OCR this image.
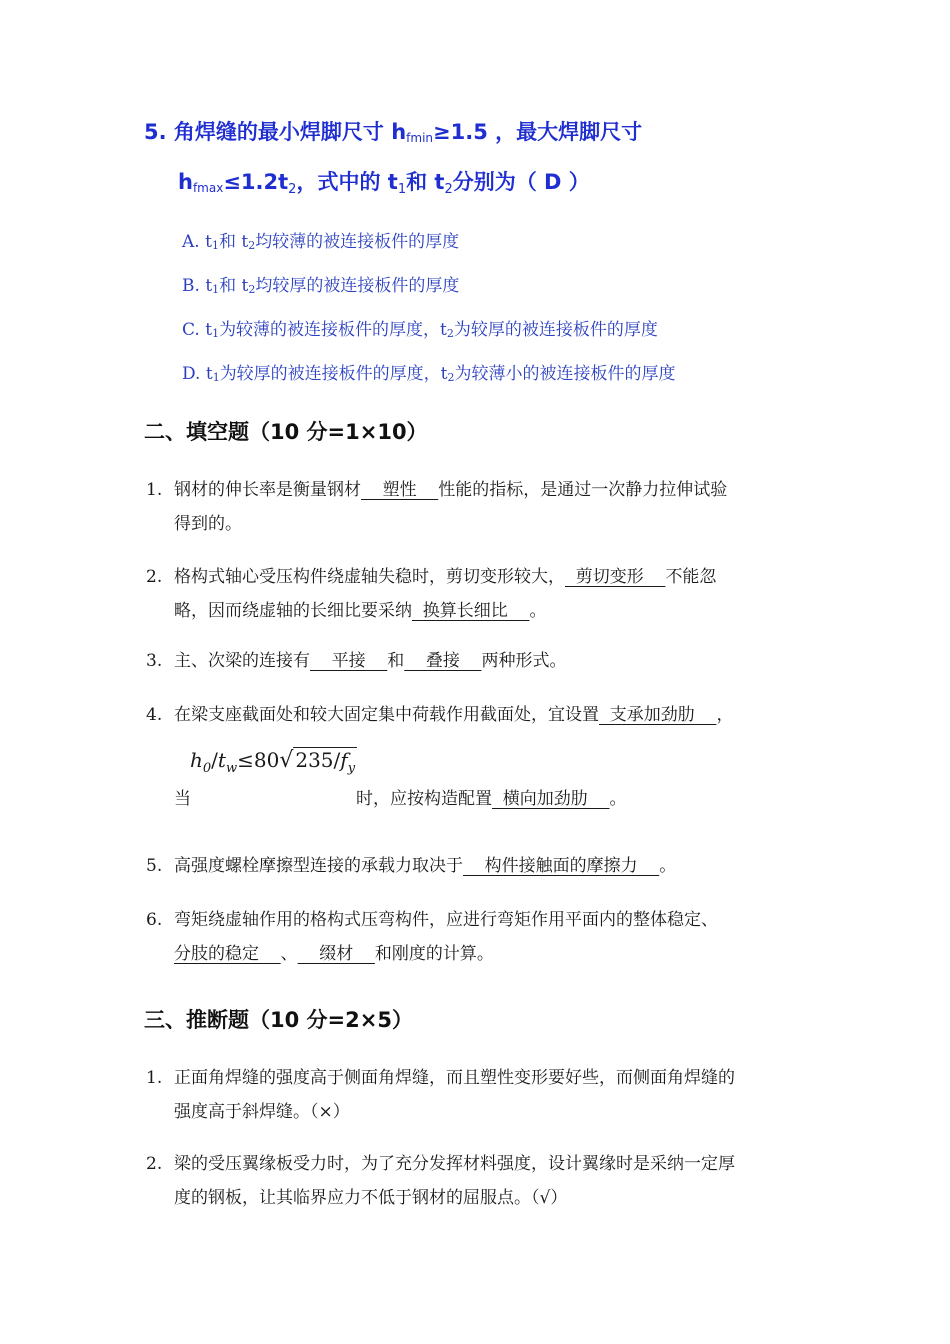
5. 角焊缝的最小焊脚尺寸 $h_{fmin}\ge 1.5$ ，最大焊脚尺寸
$h_{fmax}\le 1.2t2$，式中的 t1和 t2分别为（ D ）
A. t1和 t2均较薄的被连接板件的厚度
B. t1和 t2均较厚的被连接板件的厚度
C. t1为较薄的被连接板件的厚度，t2为较厚的被连接板件的厚度
D. t1为较厚的被连接板件的厚度，t2为较薄小的被连接板件的厚度
二、填空题（10 分=1×10）
1. 钢材的伸长率是衡量钢材    塑性    性能的指标，是通过一次静力拉伸试验
得到的。
2. 格构式轴心受压构件绕虚轴失稳时，剪切变形较大，  剪切变形    不能忽
略，因而绕虚轴的长细比要采纳  换算长细比    。
3. 主、次梁的连接有    平接    和    叠接    两种形式。
4. 在梁支座截面处和较大固定集中荷载作用截面处，宜设置  支承加劲肋    ，
当	时，应按构造配置  横向加劲肋    。
$h_0/t_w\le 80√$ $235/f_y$
5. 高强度螺栓摩擦型连接的承载力取决于    构件接触面的摩擦力    。
6. 弯矩绕虚轴作用的格构式压弯构件，应进行弯矩作用平面内的整体稳定、
分肢的稳定    、    缀材    和刚度的计算。
三、推断题（10 分=2×5）
1. 正面角焊缝的强度高于侧面角焊缝，而且塑性变形要好些，而侧面角焊缝的
强度高于斜焊缝。（×）
2. 梁的受压翼缘板受力时，为了充分发挥材料强度，设计翼缘时是采纳一定厚
度的钢板，让其临界应力不低于钢材的屈服点。（√）
